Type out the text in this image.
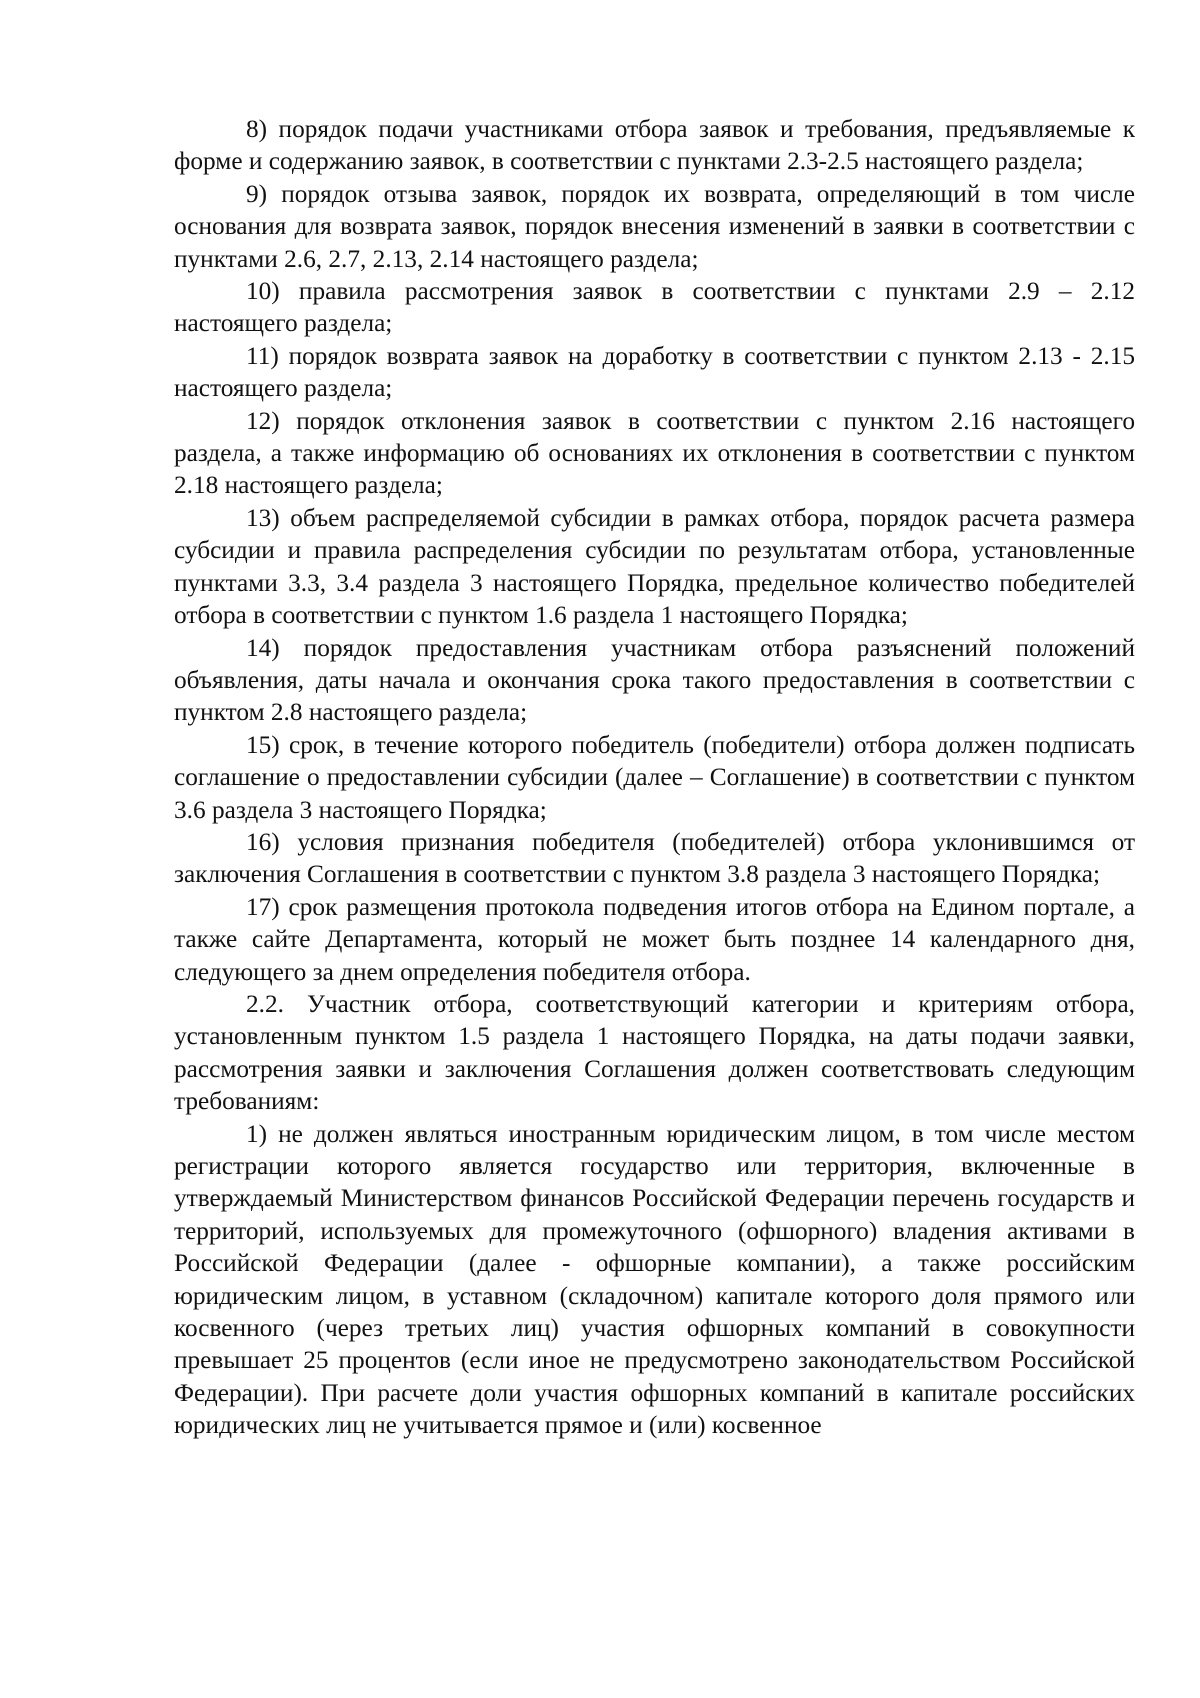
8) порядок подачи участниками отбора заявок и требования, предъявляемые к форме и содержанию заявок, в соответствии с пунктами 2.3-2.5 настоящего раздела;

9) порядок отзыва заявок, порядок их возврата, определяющий в том числе основания для возврата заявок, порядок внесения изменений в заявки в соответствии с пунктами 2.6, 2.7, 2.13, 2.14 настоящего раздела;

10) правила рассмотрения заявок в соответствии с пунктами 2.9 – 2.12 настоящего раздела;

11) порядок возврата заявок на доработку в соответствии с пунктом 2.13 - 2.15 настоящего раздела;

12) порядок отклонения заявок в соответствии с пунктом 2.16 настоящего раздела, а также информацию об основаниях их отклонения в соответствии с пунктом 2.18 настоящего раздела;

13) объем распределяемой субсидии в рамках отбора, порядок расчета размера субсидии и правила распределения субсидии по результатам отбора, установленные пунктами 3.3, 3.4 раздела 3 настоящего Порядка, предельное количество победителей отбора в соответствии с пунктом 1.6 раздела 1 настоящего Порядка;

14) порядок предоставления участникам отбора разъяснений положений объявления, даты начала и окончания срока такого предоставления в соответствии с пунктом 2.8 настоящего раздела;

15) срок, в течение которого победитель (победители) отбора должен подписать соглашение о предоставлении субсидии (далее – Соглашение) в соответствии с пунктом 3.6 раздела 3 настоящего Порядка;

16) условия признания победителя (победителей) отбора уклонившимся от заключения Соглашения в соответствии с пунктом 3.8 раздела 3 настоящего Порядка;

17) срок размещения протокола подведения итогов отбора на Едином портале, а также сайте Департамента, который не может быть позднее 14 календарного дня, следующего за днем определения победителя отбора.

2.2. Участник отбора, соответствующий категории и критериям отбора, установленным пунктом 1.5 раздела 1 настоящего Порядка, на даты подачи заявки, рассмотрения заявки и заключения Соглашения должен соответствовать следующим требованиям:

1) не должен являться иностранным юридическим лицом, в том числе местом регистрации которого является государство или территория, включенные в утверждаемый Министерством финансов Российской Федерации перечень государств и территорий, используемых для промежуточного (офшорного) владения активами в Российской Федерации (далее - офшорные компании), а также российским юридическим лицом, в уставном (складочном) капитале которого доля прямого или косвенного (через третьих лиц) участия офшорных компаний в совокупности превышает 25 процентов (если иное не предусмотрено законодательством Российской Федерации). При расчете доли участия офшорных компаний в капитале российских юридических лиц не учитывается прямое и (или) косвенное
